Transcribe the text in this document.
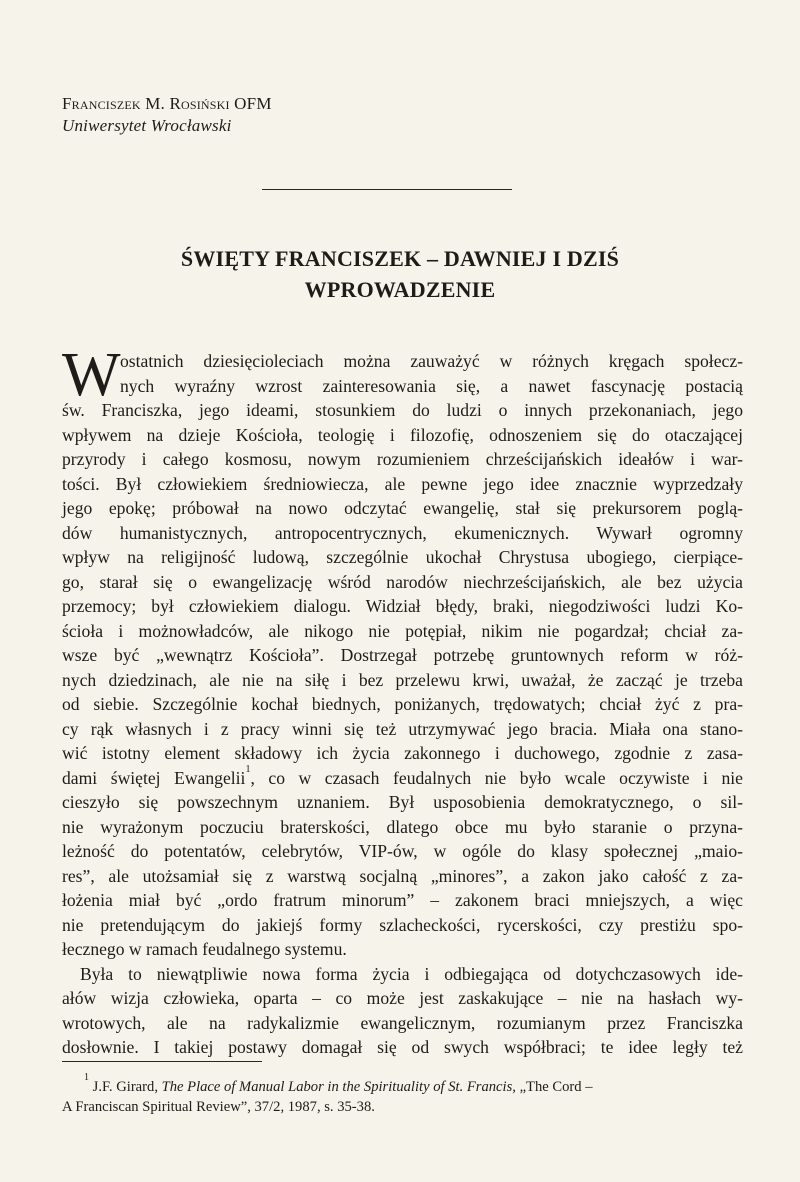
Franciszek M. Rosiński OFM
Uniwersytet Wrocławski
ŚWIĘTY FRANCISZEK – DAWNIEJ I DZIŚ
WPROWADZENIE
W ostatnich dziesięcioleciach można zauważyć w różnych kręgach społecz-
nych wyraźny wzrost zainteresowania się, a nawet fascynację postacią
św. Franciszka, jego ideami, stosunkiem do ludzi o innych przekonaniach, jego
wpływem na dzieje Kościoła, teologię i filozofię, odnoszeniem się do otaczającej
przyrody i całego kosmosu, nowym rozumieniem chrześcijańskich ideałów i war-
tości. Był człowiekiem średniowiecza, ale pewne jego idee znacznie wyprzedzały
jego epokę; próbował na nowo odczytać ewangelię, stał się prekursorem poglą-
dów humanistycznych, antropocentrycznych, ekumenicznych. Wywarł ogromny
wpływ na religijność ludową, szczególnie ukochał Chrystusa ubogiego, cierpiące-
go, starał się o ewangelizację wśród narodów niechrześcijańskich, ale bez użycia
przemocy; był człowiekiem dialogu. Widział błędy, braki, niegodziwości ludzi Ko-
ścioła i możnowładców, ale nikogo nie potępiał, nikim nie pogardzał; chciał za-
wsze być „wewnątrz Kościoła”. Dostrzegał potrzebę gruntownych reform w róż-
nych dziedzinach, ale nie na siłę i bez przelewu krwi, uważał, że zacząć je trzeba
od siebie. Szczególnie kochał biednych, poniżanych, trędowatych; chciał żyć z pra-
cy rąk własnych i z pracy winni się też utrzymywać jego bracia. Miała ona stano-
wić istotny element składowy ich życia zakonnego i duchowego, zgodnie z zasa-
dami świętej Ewangelii$^1$, co w czasach feudalnych nie było wcale oczywiste i nie
cieszyło się powszechnym uznaniem. Był usposobienia demokratycznego, o sil-
nie wyrażonym poczuciu braterskości, dlatego obce mu było staranie o przyna-
leżność do potentatów, celebrytów, VIP-ów, w ogóle do klasy społecznej „maio-
res”, ale utożsamiał się z warstwą socjalną „minores”, a zakon jako całość z za-
łożenia miał być „ordo fratrum minorum” – zakonem braci mniejszych, a więc
nie pretendującym do jakiejś formy szlacheckości, rycerskości, czy prestiżu spo-
łecznego w ramach feudalnego systemu.
Była to niewątpliwie nowa forma życia i odbiegająca od dotychczasowych ide-
ałów wizja człowieka, oparta – co może jest zaskakujące – nie na hasłach wy-
wrotowych, ale na radykalizmie ewangelicznym, rozumianym przez Franciszka
dosłownie. I takiej postawy domagał się od swych współbraci; te idee legły też
$^1$ J.F. Girard, The Place of Manual Labor in the Spirituality of St. Francis, „The Cord –
A Franciscan Spiritual Review”, 37/2, 1987, s. 35-38.
